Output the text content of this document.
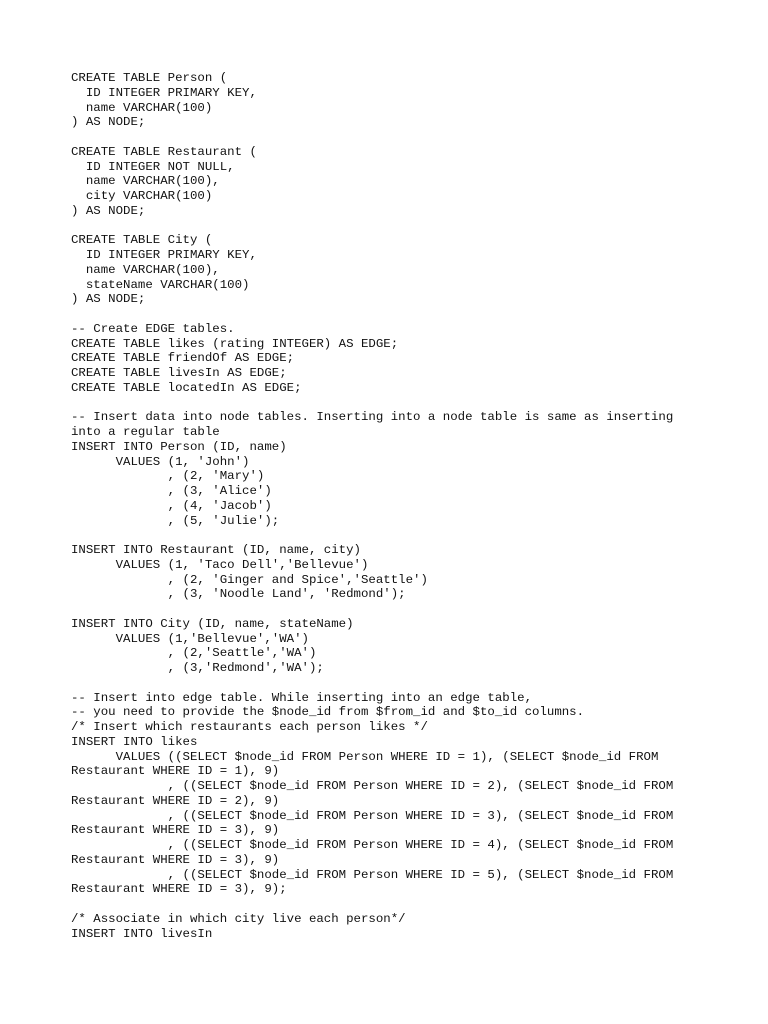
CREATE TABLE Person (
ID INTEGER PRIMARY KEY,
name VARCHAR(100)
) AS NODE;
CREATE TABLE Restaurant (
ID INTEGER NOT NULL,
name VARCHAR(100),
city VARCHAR(100)
) AS NODE;
CREATE TABLE City (
ID INTEGER PRIMARY KEY,
name VARCHAR(100),
stateName VARCHAR(100)
) AS NODE;
-- Create EDGE tables.
CREATE TABLE likes (rating INTEGER) AS EDGE;
CREATE TABLE friendOf AS EDGE;
CREATE TABLE livesIn AS EDGE;
CREATE TABLE locatedIn AS EDGE;
-- Insert data into node tables. Inserting into a node table is same as inserting
into a regular table
INSERT INTO Person (ID, name)
VALUES (1, 'John')
, (2, 'Mary')
, (3, 'Alice')
, (4, 'Jacob')
, (5, 'Julie');
INSERT INTO Restaurant (ID, name, city)
VALUES (1, 'Taco Dell','Bellevue')
, (2, 'Ginger and Spice','Seattle')
, (3, 'Noodle Land', 'Redmond');
INSERT INTO City (ID, name, stateName)
VALUES (1,'Bellevue','WA')
, (2,'Seattle','WA')
, (3,'Redmond','WA');
-- Insert into edge table. While inserting into an edge table,
-- you need to provide the $node_id from $from_id and $to_id columns.
/* Insert which restaurants each person likes */
INSERT INTO likes
VALUES ((SELECT $node_id FROM Person WHERE ID = 1), (SELECT $node_id FROM
Restaurant WHERE ID = 1), 9)
, ((SELECT $node_id FROM Person WHERE ID = 2), (SELECT $node_id FROM
Restaurant WHERE ID = 2), 9)
, ((SELECT $node_id FROM Person WHERE ID = 3), (SELECT $node_id FROM
Restaurant WHERE ID = 3), 9)
, ((SELECT $node_id FROM Person WHERE ID = 4), (SELECT $node_id FROM
Restaurant WHERE ID = 3), 9)
, ((SELECT $node_id FROM Person WHERE ID = 5), (SELECT $node_id FROM
Restaurant WHERE ID = 3), 9);
/* Associate in which city live each person*/
INSERT INTO livesIn
